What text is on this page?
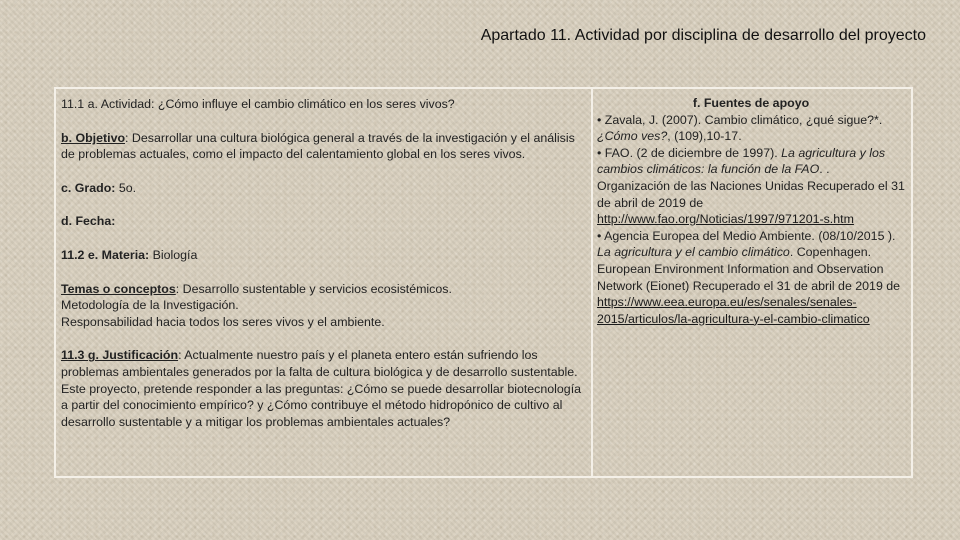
Apartado 11. Actividad por disciplina de desarrollo del proyecto

11.1 a. Actividad: ¿Cómo influye el cambio climático en los seres vivos?

b. Objetivo: Desarrollar una cultura biológica general a través de la investigación y el análisis de problemas actuales, como el impacto del calentamiento global en los seres vivos.

c. Grado: 5o.

d. Fecha:

11.2 e. Materia: Biología

Temas o conceptos: Desarrollo sustentable y servicios ecosistémicos.
Metodología de la Investigación.
Responsabilidad hacia todos los seres vivos y el ambiente.

11.3 g. Justificación: Actualmente nuestro país y el planeta entero están sufriendo los problemas ambientales generados por la falta de cultura biológica y de desarrollo sustentable. Este proyecto, pretende responder a las preguntas: ¿Cómo se puede desarrollar biotecnología a partir del conocimiento empírico? y ¿Cómo contribuye el método hidropónico de cultivo al desarrollo sustentable y a mitigar los problemas ambientales actuales?

f. Fuentes de apoyo

• Zavala, J. (2007). Cambio climático, ¿qué sigue?*. ¿Cómo ves?, (109),10-17.

• FAO. (2 de diciembre de 1997). La agricultura y los cambios climáticos: la función de la FAO. . Organización de las Naciones Unidas Recuperado el 31 de abril de 2019 de http://www.fao.org/Noticias/1997/971201-s.htm

• Agencia Europea del Medio Ambiente. (08/10/2015 ). La agricultura y el cambio climático. Copenhagen. European Environment Information and Observation Network (Eionet) Recuperado el 31 de abril de 2019 de https://www.eea.europa.eu/es/senales/senales-2015/articulos/la-agricultura-y-el-cambio-climatico
